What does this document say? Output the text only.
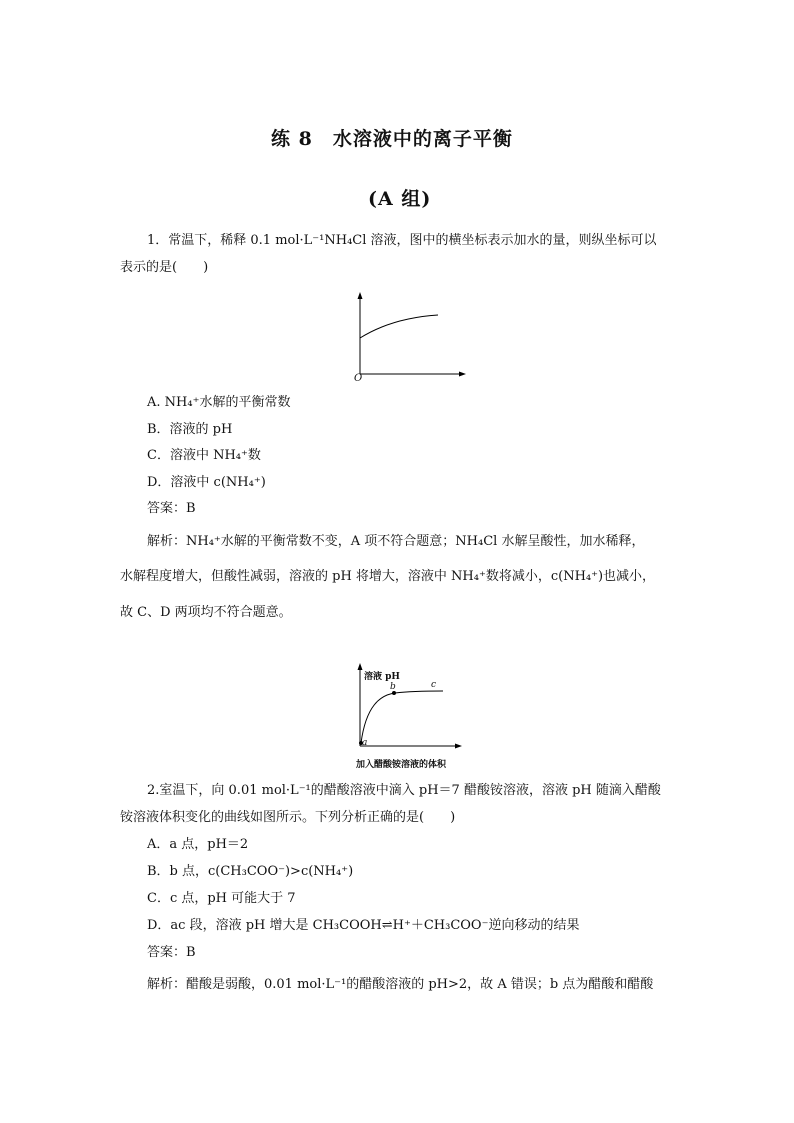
练 8　水溶液中的离子平衡
(A 组)
1．常温下，稀释 0.1 mol·L⁻¹NH₄Cl 溶液，图中的横坐标表示加水的量，则纵坐标可以
表示的是(　　)
O
A. NH₄⁺水解的平衡常数
B．溶液的 pH
C．溶液中 NH₄⁺数
D．溶液中 c(NH₄⁺)
答案：B
解析：NH₄⁺水解的平衡常数不变，A 项不符合题意；NH₄Cl 水解呈酸性，加水稀释，
水解程度增大，但酸性减弱，溶液的 pH 将增大，溶液中 NH₄⁺数将减小，c(NH₄⁺)也减小，
故 C、D 两项均不符合题意。
溶液 pH
b	c
a
加入醋酸铵溶液的体积
2.室温下，向 0.01 mol·L⁻¹的醋酸溶液中滴入 pH＝7 醋酸铵溶液，溶液 pH 随滴入醋酸
铵溶液体积变化的曲线如图所示。下列分析正确的是(　　)
A．a 点，pH＝2
B．b 点，c(CH₃COO⁻)>c(NH₄⁺)
C．c 点，pH 可能大于 7
D．ac 段，溶液 pH 增大是 CH₃COOH⇌H⁺＋CH₃COO⁻逆向移动的结果
答案：B
解析：醋酸是弱酸，0.01 mol·L⁻¹的醋酸溶液的 pH>2，故 A 错误；b 点为醋酸和醋酸
